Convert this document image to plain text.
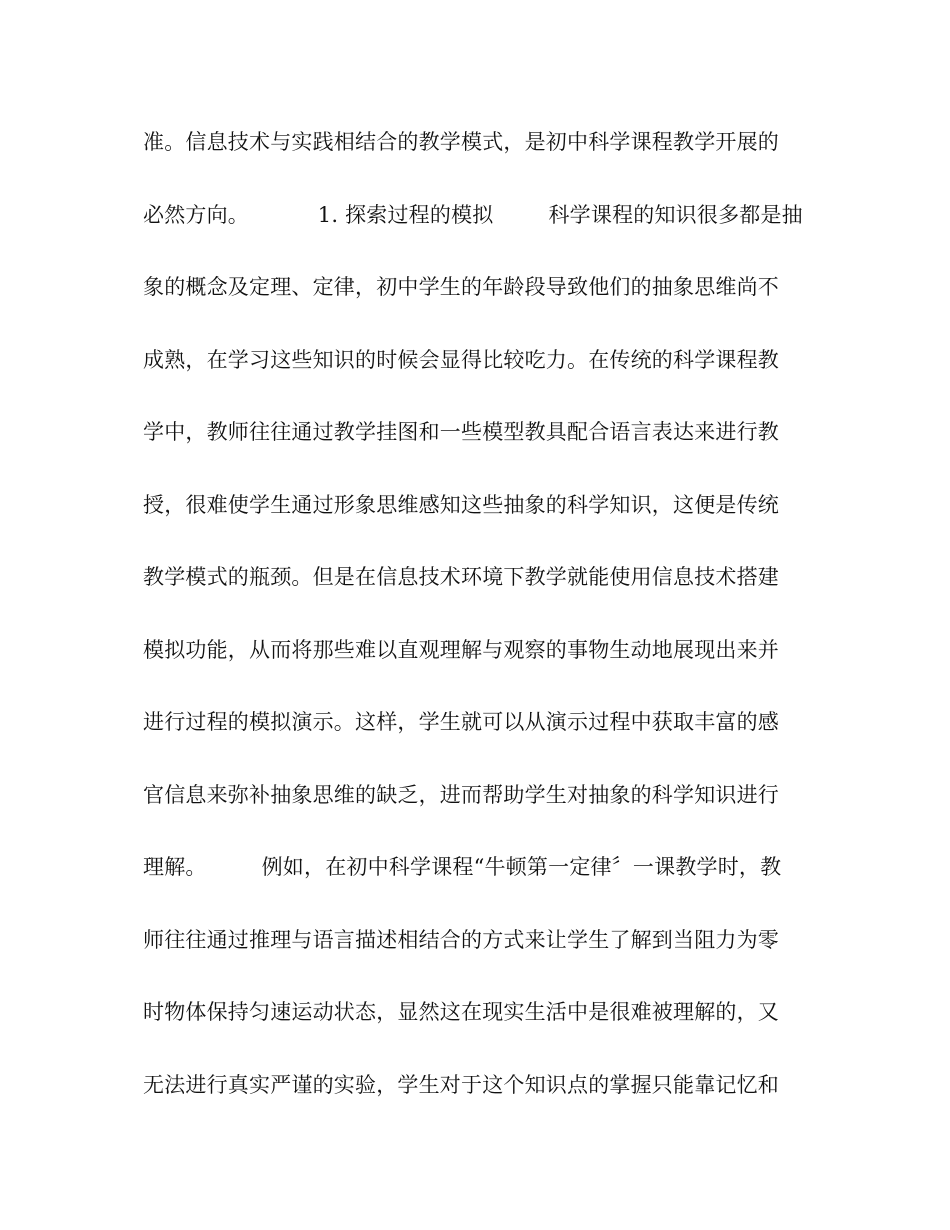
准。信息技术与实践相结合的教学模式，是初中科学课程教学开展的
必然方向。          1. 探索过程的模拟        科学课程的知识很多都是抽
象的概念及定理、定律，初中学生的年龄段导致他们的抽象思维尚不
成熟，在学习这些知识的时候会显得比较吃力。在传统的科学课程教
学中，教师往往通过教学挂图和一些模型教具配合语言表达来进行教
授，很难使学生通过形象思维感知这些抽象的科学知识，这便是传统
教学模式的瓶颈。但是在信息技术环境下教学就能使用信息技术搭建
模拟功能，从而将那些难以直观理解与观察的事物生动地展现出来并
进行过程的模拟演示。这样，学生就可以从演示过程中获取丰富的感
官信息来弥补抽象思维的缺乏，进而帮助学生对抽象的科学知识进行
理解。        例如，在初中科学课程“牛顿第一定律〞一课教学时，教
师往往通过推理与语言描述相结合的方式来让学生了解到当阻力为零
时物体保持匀速运动状态，显然这在现实生活中是很难被理解的，又
无法进行真实严谨的实验，学生对于这个知识点的掌握只能靠记忆和
